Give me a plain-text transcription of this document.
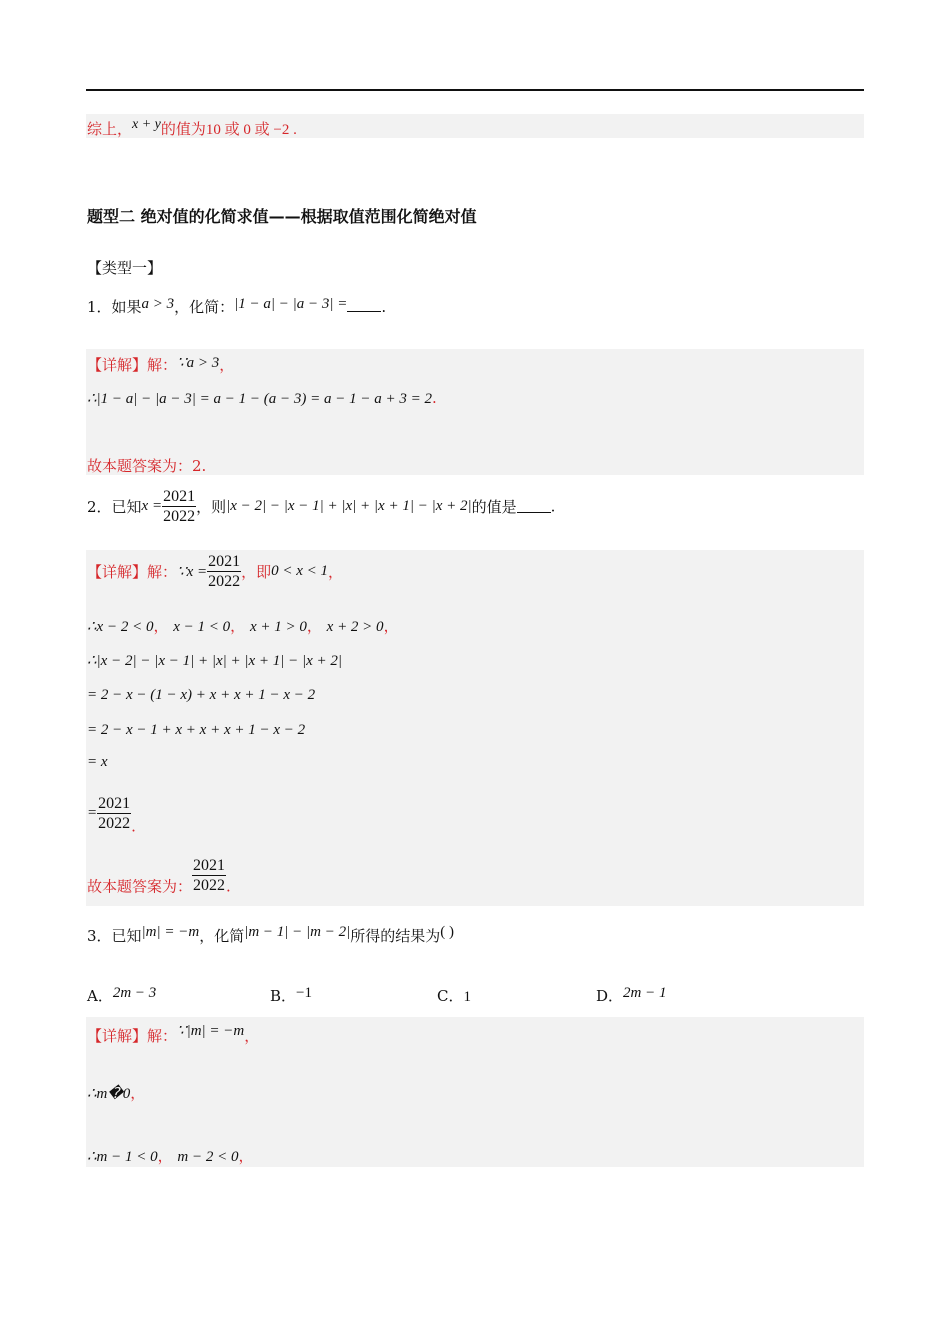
综上，x + y的值为10 或 0 或 −2 .
题型二 绝对值的化简求值——根据取值范围化简绝对值
【类型一】
1．如果a > 3，化简：|1 − a| − |a − 3| = .
【详解】解：∵a > 3，
∴|1 − a| − |a − 3| = a − 1 − (a − 3) = a − 1 − a + 3 = 2.
故本题答案为：2.
2．已知$x = \frac{2021}{2022}$ ，则|x − 2| − |x − 1| + |x| + |x + 1| − |x + 2|的值是 .
【详解】解：∵x = $\frac{2021}{2022}$ ，即0 < x < 1，
∴x − 2 < 0， x − 1 < 0， x + 1 > 0， x + 2 > 0，
∴|x − 2| − |x − 1| + |x| + |x + 1| − |x + 2|
= 2 − x − (1 − x) + x + x + 1 − x − 2
= 2 − x − 1 + x + x + x + 1 − x − 2
= x
= $\frac{2021}{2022}$ .
故本题答案为： $\frac{2021}{2022}$ .
3．已知|m| = −m，化简|m − 1| − |m − 2|所得的结果为( )
A．2m − 3	B．−1	C．1	D．2m − 1
【详解】解：∵|m| = −m，
∴m�0，
∴m − 1 < 0， m − 2 < 0，
